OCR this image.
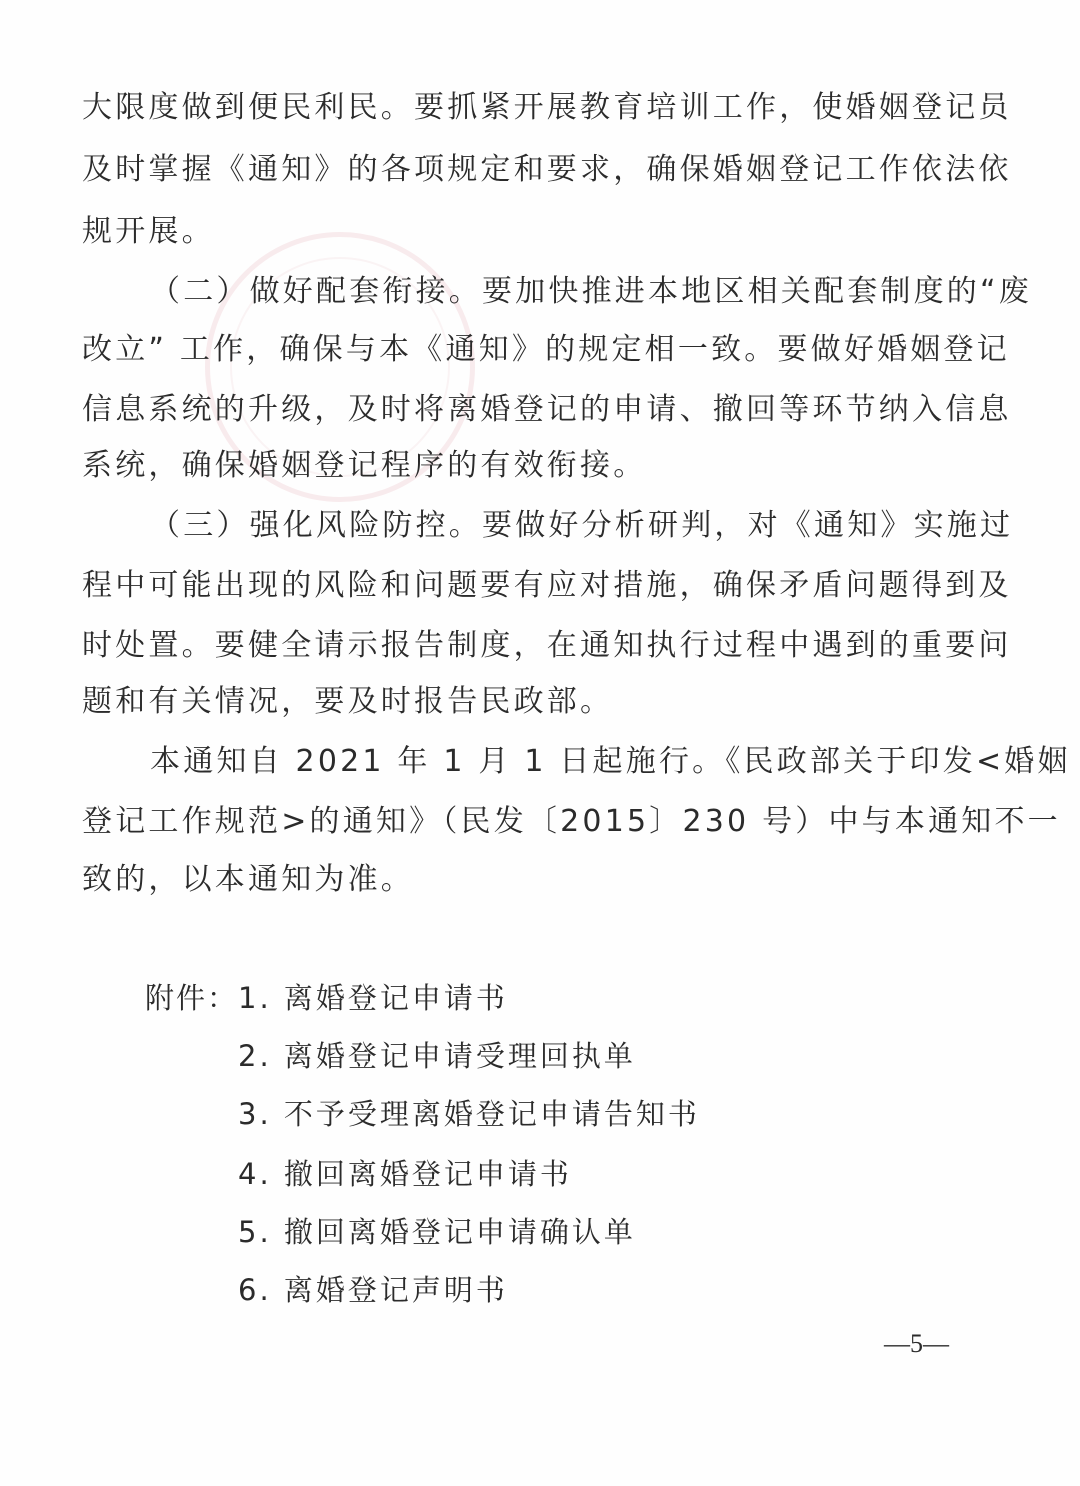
大限度做到便民利民。要抓紧开展教育培训工作，使婚姻登记员
及时掌握《通知》的各项规定和要求，确保婚姻登记工作依法依
规开展。
（二）做好配套衔接。要加快推进本地区相关配套制度的“废
改立” 工作，确保与本《通知》的规定相一致。要做好婚姻登记
信息系统的升级，及时将离婚登记的申请、撤回等环节纳入信息
系统，确保婚姻登记程序的有效衔接。
（三）强化风险防控。要做好分析研判，对《通知》实施过
程中可能出现的风险和问题要有应对措施，确保矛盾问题得到及
时处置。要健全请示报告制度，在通知执行过程中遇到的重要问
题和有关情况，要及时报告民政部。
本通知自 2021 年 1 月 1 日起施行。《民政部关于印发<婚姻
登记工作规范>的通知》（民发〔2015〕230 号）中与本通知不一
致的，以本通知为准。
附件： 1. 离婚登记申请书
2. 离婚登记申请受理回执单
3. 不予受理离婚登记申请告知书
4. 撤回离婚登记申请书
5. 撤回离婚登记申请确认单
6. 离婚登记声明书
—5—
